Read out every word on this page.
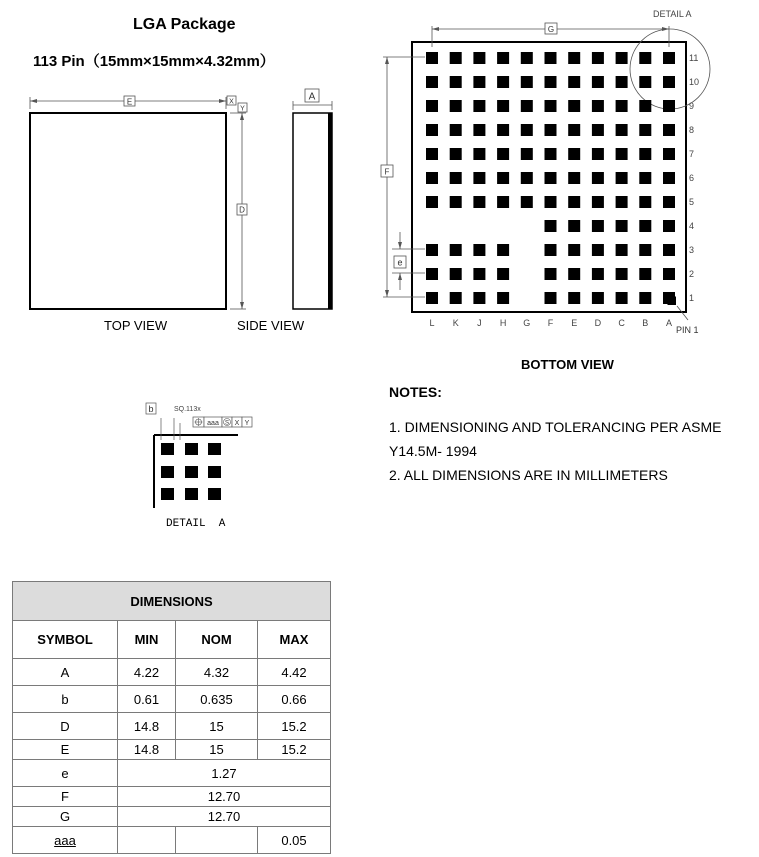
LGA Package
113 Pin（15mm×15mm×4.32mm）
E	X
D
Y
A
TOP VIEW	SIDE VIEW
G
F
e
DETAIL A
PIN 1
11
10
9
8
7
6
5
4
3
2
1
L K J H G F E D C B A
BOTTOM VIEW
b	SQ.113x
aaa S X Y
DETAIL  A
NOTES:
1. DIMENSIONING AND TOLERANCING PER ASME
Y14.5M- 1994
2. ALL DIMENSIONS ARE IN MILLIMETERS
DIMENSIONS			
SYMBOL	MIN	NOM	MAX
A	4.22	4.32	4.42
b	0.61	0.635	0.66
D	14.8	15	15.2
E	14.8	15	15.2
e	1.27		
F	12.70		
G	12.70		
aaa			0.05
